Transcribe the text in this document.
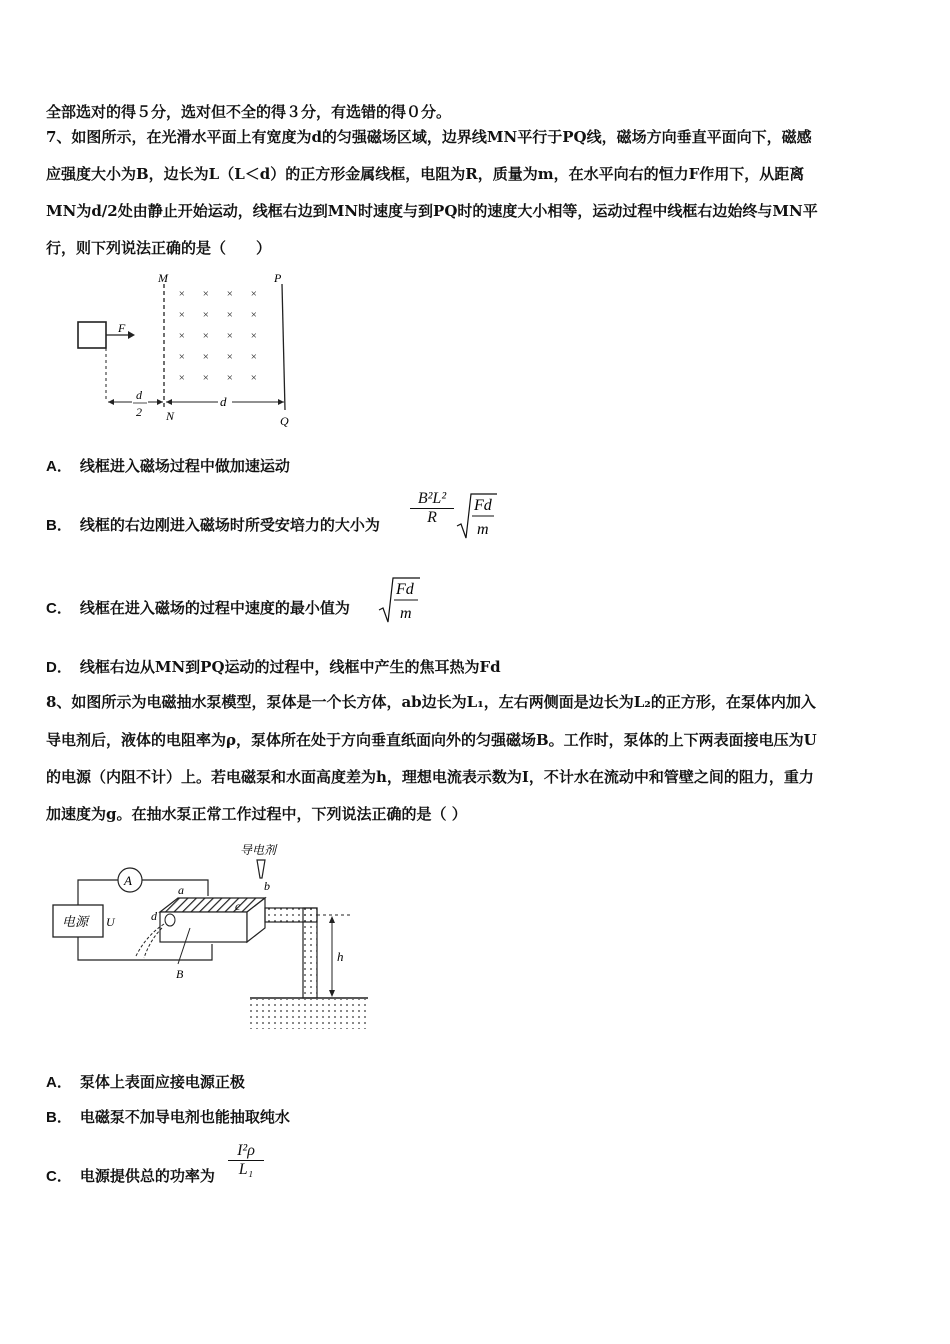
全部选对的得５分，选对但不全的得３分，有选错的得０分。
7、如图所示，在光滑水平面上有宽度为d的匀强磁场区域，边界线MN平行于PQ线，磁场方向垂直平面向下，磁感
应强度大小为B，边长为L（L＜d）的正方形金属线框，电阻为R，质量为m，在水平向右的恒力F作用下，从距离
MN为d/2处由静止开始运动，线框右边到MN时速度与到PQ时的速度大小相等，运动过程中线框右边始终与MN平
行，则下列说法正确的是（　　）
F
M	P
N	Q
× × × ×
× × × ×
× × × ×
× × × ×
× × × ×
d
d
2
A． 线框进入磁场过程中做加速运动
B． 线框的右边刚进入磁场时所受安培力的大小为 $\frac{\text{B²L²}}{R}$ Fd
m
C． 线框在进入磁场的过程中速度的最小值为
Fd
m
D． 线框右边从MN到PQ运动的过程中，线框中产生的焦耳热为Fd
8、如图所示为电磁抽水泵模型，泵体是一个长方体，ab边长为L₁，左右两侧面是边长为L₂的正方形，在泵体内加入
导电剂后，液体的电阻率为ρ，泵体所在处于方向垂直纸面向外的匀强磁场B。工作时，泵体的上下两表面接电压为U
的电源（内阻不计）上。若电磁泵和水面高度差为h，理想电流表示数为I，不计水在流动中和管壁之间的阻力，重力
加速度为g。在抽水泵正常工作过程中，下列说法正确的是（ ）
导电剂
b
电源 U
A
a
d
c
B
h
A． 泵体上表面应接电源正极
B． 电磁泵不加导电剂也能抽取纯水
C． 电源提供总的功率为 $\frac{\text{I²ρ}}{\text{L₁}}$
